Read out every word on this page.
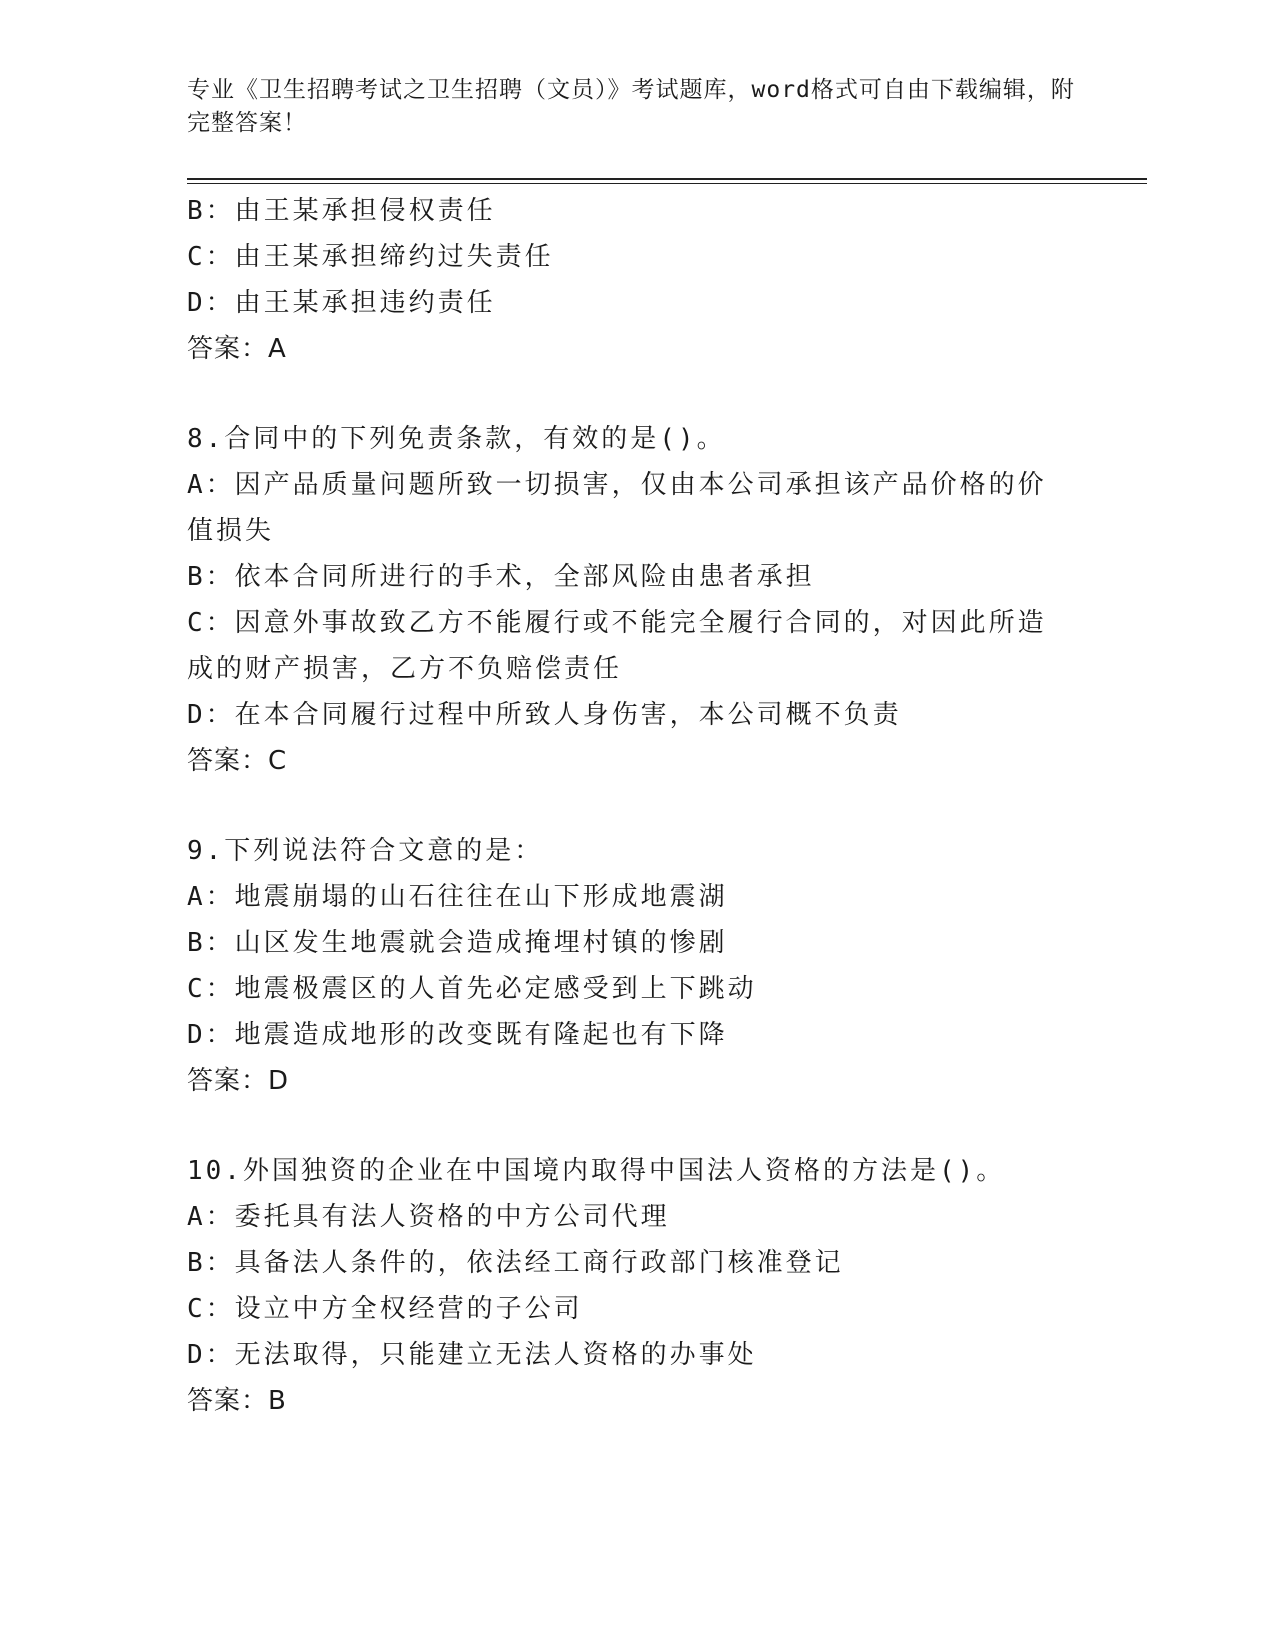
专业《卫生招聘考试之卫生招聘（文员）》考试题库，word格式可自由下载编辑，附完整答案！
B：由王某承担侵权责任
C：由王某承担缔约过失责任
D：由王某承担违约责任
答案：A
8.合同中的下列免责条款，有效的是()。
A：因产品质量问题所致一切损害，仅由本公司承担该产品价格的价值损失
B：依本合同所进行的手术，全部风险由患者承担
C：因意外事故致乙方不能履行或不能完全履行合同的，对因此所造成的财产损害，乙方不负赔偿责任
D：在本合同履行过程中所致人身伤害，本公司概不负责
答案：C
9.下列说法符合文意的是：
A：地震崩塌的山石往往在山下形成地震湖
B：山区发生地震就会造成掩埋村镇的惨剧
C：地震极震区的人首先必定感受到上下跳动
D：地震造成地形的改变既有隆起也有下降
答案：D
10.外国独资的企业在中国境内取得中国法人资格的方法是()。
A：委托具有法人资格的中方公司代理
B：具备法人条件的，依法经工商行政部门核准登记
C：设立中方全权经营的子公司
D：无法取得，只能建立无法人资格的办事处
答案：B
